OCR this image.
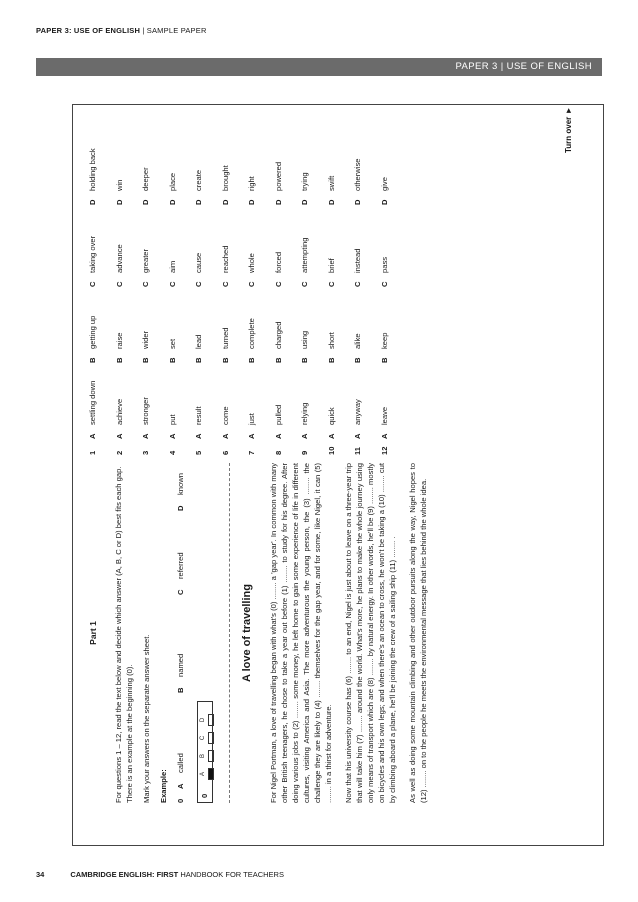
PAPER 3: USE OF ENGLISH | SAMPLE PAPER
PAPER 3 | USE OF ENGLISH
Part 1 For questions 1 – 12, read the text below and decide which answer (A, B, C or D) best fits each gap. There is an example at the beginning (0). Mark your answers on the separate answer sheet. Example: 0
A
called
B
named
C
referred
D
known
0
A
B
C
D
A love of travelling	For Nigel Portman, a love of travelling began with what's (0) ........ a 'gap year'. In common with many other British teenagers, he chose to take a year out before (1) ........ to study for his degree. After doing various jobs to (2) ........ some money, he left home to gain some experience of life in different cultures, visiting America and Asia. The more adventurous the young person, the (3) ........ the challenge they are likely to (4) ........ themselves for the gap year, and for some, like Nigel, it can (5) ........ in a thirst for adventure. Now that his university course has (6) ........ to an end, Nigel is just about to leave on a three-year trip that will take him (7) ........ around the world. What's more, he plans to make the whole journey using only means of transport which are (8) ........ by natural energy. In other words, he'll be (9) ........ mostly on bicycles and his own legs; and when there's an ocean to cross, he won't be taking a (10) ........ cut by climbing aboard a plane, he'll be joining the crew of a sailing ship (11) ........ . As well as doing some mountain climbing and other outdoor pursuits along the way, Nigel hopes to (12) ........ on to the people he meets the environmental message that lies behind the whole idea.

1
A
settling down
B
getting up
C
taking over
D
holding back
2
A
achieve
B
raise
C
advance
D
win
3
A
stronger
B
wider
C
greater
D
deeper
4
A
put
B
set
C
aim
D
place
5
A
result
B
lead
C
cause
D
create
6
A
come
B
turned
C
reached
D
brought
7
A
just
B
complete
C
whole
D
right
8
A
pulled
B
charged
C
forced
D
powered
9
A
relying
B
using
C
attempting
D
trying
10
A
quick
B
short
C
brief
D
swift
11
A
anyway
B
alike
C
instead
D
otherwise
12
A
leave
B
keep
C
pass
D
give
Turn over ►
34	CAMBRIDGE ENGLISH: FIRST HANDBOOK FOR TEACHERS
